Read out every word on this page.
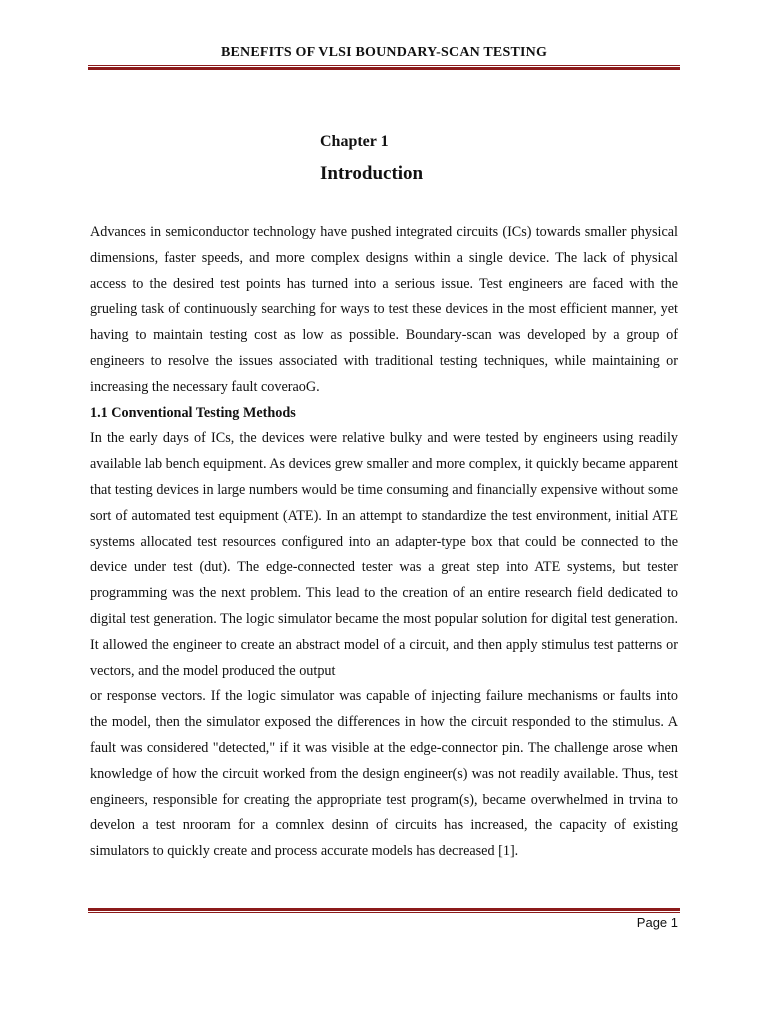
BENEFITS OF VLSI BOUNDARY-SCAN TESTING
Chapter 1
Introduction

Advances in semiconductor technology have pushed integrated circuits (ICs) towards smaller physical dimensions, faster speeds, and more complex designs within a single device. The lack of physical access to the desired test points has turned into a serious issue. Test engineers are faced with the grueling task of continuously searching for ways to test these devices in the most efficient manner, yet having to maintain testing cost as low as possible. Boundary-scan was developed by a group of engineers to resolve the issues associated with traditional testing techniques, while maintaining or increasing the necessary fault coveraoG.

1.1 Conventional Testing Methods

In the early days of ICs, the devices were relative bulky and were tested by engineers using readily available lab bench equipment. As devices grew smaller and more complex, it quickly became apparent that testing devices in large numbers would be time consuming and financially expensive without some sort of automated test equipment (ATE). In an attempt to standardize the test environment, initial ATE systems allocated test resources configured into an adapter-type box that could be connected to the device under test (dut). The edge-connected tester was a great step into ATE systems, but tester programming was the next problem. This lead to the creation of an entire research field dedicated to digital test generation. The logic simulator became the most popular solution for digital test generation. It allowed the engineer to create an abstract model of a circuit, and then apply stimulus test patterns or vectors, and the model produced the output

or response vectors. If the logic simulator was capable of injecting failure mechanisms or faults into the model, then the simulator exposed the differences in how the circuit responded to the stimulus. A fault was considered "detected," if it was visible at the edge-connector pin. The challenge arose when knowledge of how the circuit worked from the design engineer(s) was not readily available. Thus, test engineers, responsible for creating the appropriate test program(s), became overwhelmed in trvina to develon a test nrooram for a comnlex desinn of circuits has increased, the capacity of existing simulators to quickly create and process accurate models has decreased [1].

Page 1
